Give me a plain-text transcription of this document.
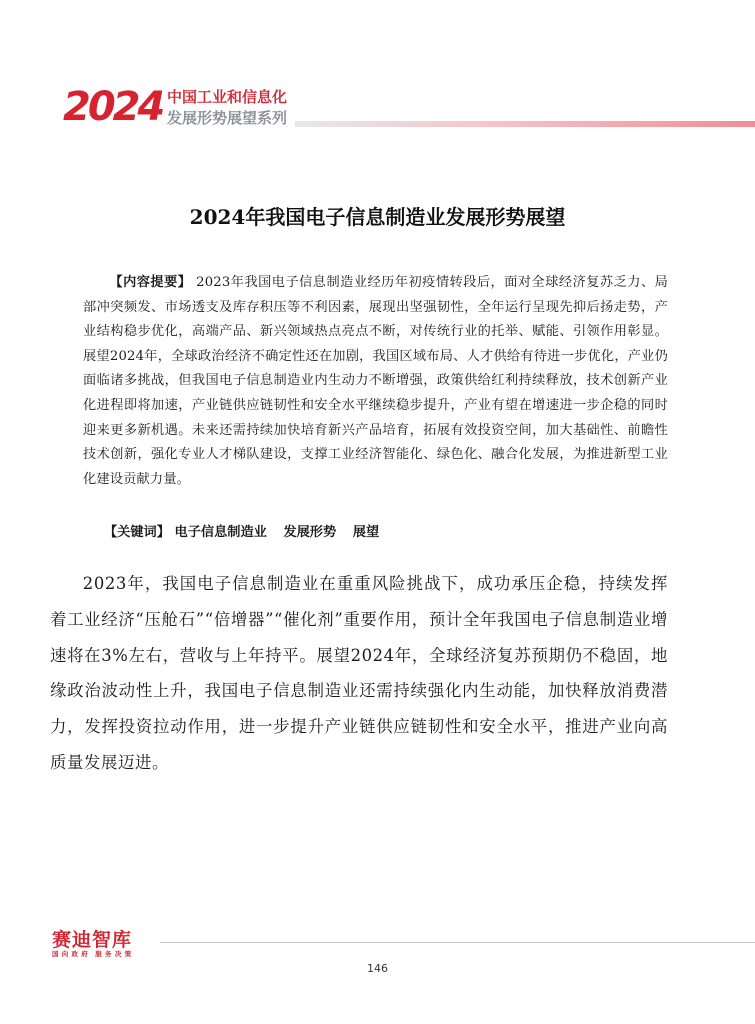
2024 中国工业和信息化
发展形势展望系列
2024年我国电子信息制造业发展形势展望
【内容提要】 2023年我国电子信息制造业经历年初疫情转段后，面对全球经济复苏乏力、局部冲突频发、市场透支及库存积压等不利因素，展现出坚强韧性，全年运行呈现先抑后扬走势，产业结构稳步优化，高端产品、新兴领域热点亮点不断，对传统行业的托举、赋能、引领作用彰显。展望2024年，全球政治经济不确定性还在加剧，我国区域布局、人才供给有待进一步优化，产业仍面临诸多挑战，但我国电子信息制造业内生动力不断增强，政策供给红利持续释放，技术创新产业化进程即将加速，产业链供应链韧性和安全水平继续稳步提升，产业有望在增速进一步企稳的同时迎来更多新机遇。未来还需持续加快培育新兴产品培育，拓展有效投资空间，加大基础性、前瞻性技术创新，强化专业人才梯队建设，支撑工业经济智能化、绿色化、融合化发展，为推进新型工业化建设贡献力量。
【关键词】 电子信息制造业 发展形势 展望
2023年，我国电子信息制造业在重重风险挑战下，成功承压企稳，持续发挥着工业经济“压舱石”“倍增器”“催化剂”重要作用，预计全年我国电子信息制造业增速将在3%左右，营收与上年持平。展望2024年，全球经济复苏预期仍不稳固，地缘政治波动性上升，我国电子信息制造业还需持续强化内生动能，加快释放消费潜力，发挥投资拉动作用，进一步提升产业链供应链韧性和安全水平，推进产业向高质量发展迈进。
赛迪智库
国 向 政 府　服 务 决 策
146
